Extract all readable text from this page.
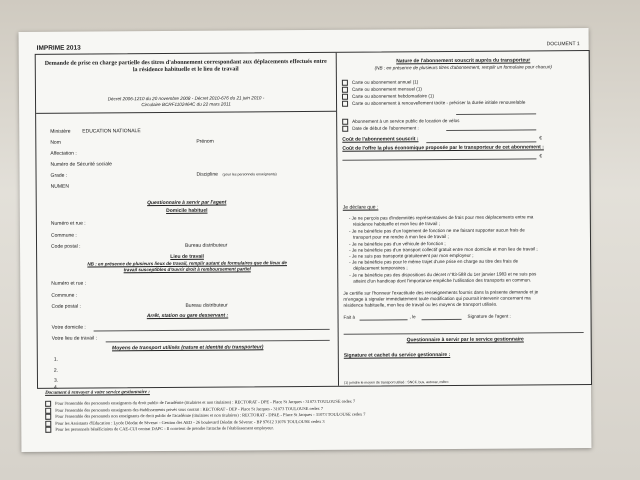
IMPRIME 2013
DOCUMENT 1
Demande de prise en charge partielle des titres d'abonnement correspondant aux déplacements effectués entre la résidence habituelle et le lieu de travail
Décret 2006-1210 du 20 novembre 2008 - Décret 2010-676 du 21 juin 2010 -
Circulaire BCRF1102464C du 22 mars 2011
Ministère EDUCATION NATIONALE
Nom	Prénom
Affectation :
Numéro de Sécurité sociale
Grade :	Discipline (pour les personnels enseignants)
NUMEN
Questionnaire à servir par l'agent
Domicile habituel
Numéro et rue :
Commune :
Code postal :	Bureau distributeur
Lieu de travail
NB : en présence de plusieurs lieux de travail, remplir autant de formulaires que de lieux de
travail susceptibles d'ouvrir droit à remboursement partiel
Numéro et rue :
Commune :
Code postal :	Bureau distributeur
Arrêt, station ou gare desservant :
Votre domicile :
Votre lieu de travail :
Moyens de transport utilisés (nature et identité du transporteur)
1.
2.
3.
4.
Nature de l'abonnement souscrit auprès du transporteur
(NB : en présence de plusieurs titres d'abonnement, remplir un formulaire pour chacun)
Carte ou abonnement annuel (1)
Carte ou abonnement mensuel (1)
Carte ou abonnement hebdomadaire (1)
Carte ou abonnement à renouvellement tacite - préciser la durée initiale renouvelable
Abonnement à un service public de location de vélos
Date de début de l'abonnement :
Coût de l'abonnement souscrit :	€
Coût de l'offre la plus économique proposée par le transporteur de cet abonnement :
€
Je déclare que :
- Je ne perçois pas d'indemnités représentatives de frais pour mes déplacements entre ma
résidence habituelle et mon lieu de travail ;
- Je ne bénéficie pas d'un logement de fonction ne me faisant supporter aucun frais de
transport pour me rendre à mon lieu de travail ;
- Je ne bénéficie pas d'un véhicule de fonction ;
- Je ne bénéficie pas d'un transport collectif gratuit entre mon domicile et mon lieu de travail ;
- Je ne suis pas transporté gratuitement par mon employeur ;
- Je ne bénéficie pas pour le même trajet d'une prise en charge au titre des frais de
déplacement temporaires ;
- Je ne bénéficie pas des dispositions du décret n°83-588 du 1er janvier 1983 et ne suis pas
atteint d'un handicap dont l'importance empêche l'utilisation des transports en commun.
Je certifie sur l'honneur l'exactitude des renseignements fournis dans la présente demande et je
m'engage à signaler immédiatement toute modification qui pourrait intervenir concernant ma
résidence habituelle, mon lieu de travail ou les moyens de transport utilisés.
Fait à	, le	Signature de l'agent :
Questionnaire à servir par le service gestionnaire
Signature et cachet du service gestionnaire :
(1) joindre le moyen de transport utilisé : SNCF, bus, autocar, métro
Document à renvoyer à votre service gestionnaire :
Pour l'ensemble des personnels enseignants du droit public de l'académie (titulaires et non titulaires) : RECTORAT - DPE - Place St Jacques - 31073 TOULOUSE cedex 7
Pour l'ensemble des personnels enseignants des établissements privés sous contrat : RECTORAT - DEP - Place St Jacques - 31073 TOULOUSE cedex 7
Pour l'ensemble des personnels non enseignants de droit public de l'académie (titulaires et non titulaires) : RECTORAT - DPAE - Place St Jacques - 31073 TOULOUSE cedex 7
Pour les Assistants d'Education : Lycée Déodat de Séverac - Gestion des AED - 26 boulevard Déodat de Séverac - BP 97612 31076 TOULOUSE cedex 3
Pour les personnels bénéficiaires de CAE-CUI contrat DAPC : Il convient de prendre l'attache de l'établissement employeur.
